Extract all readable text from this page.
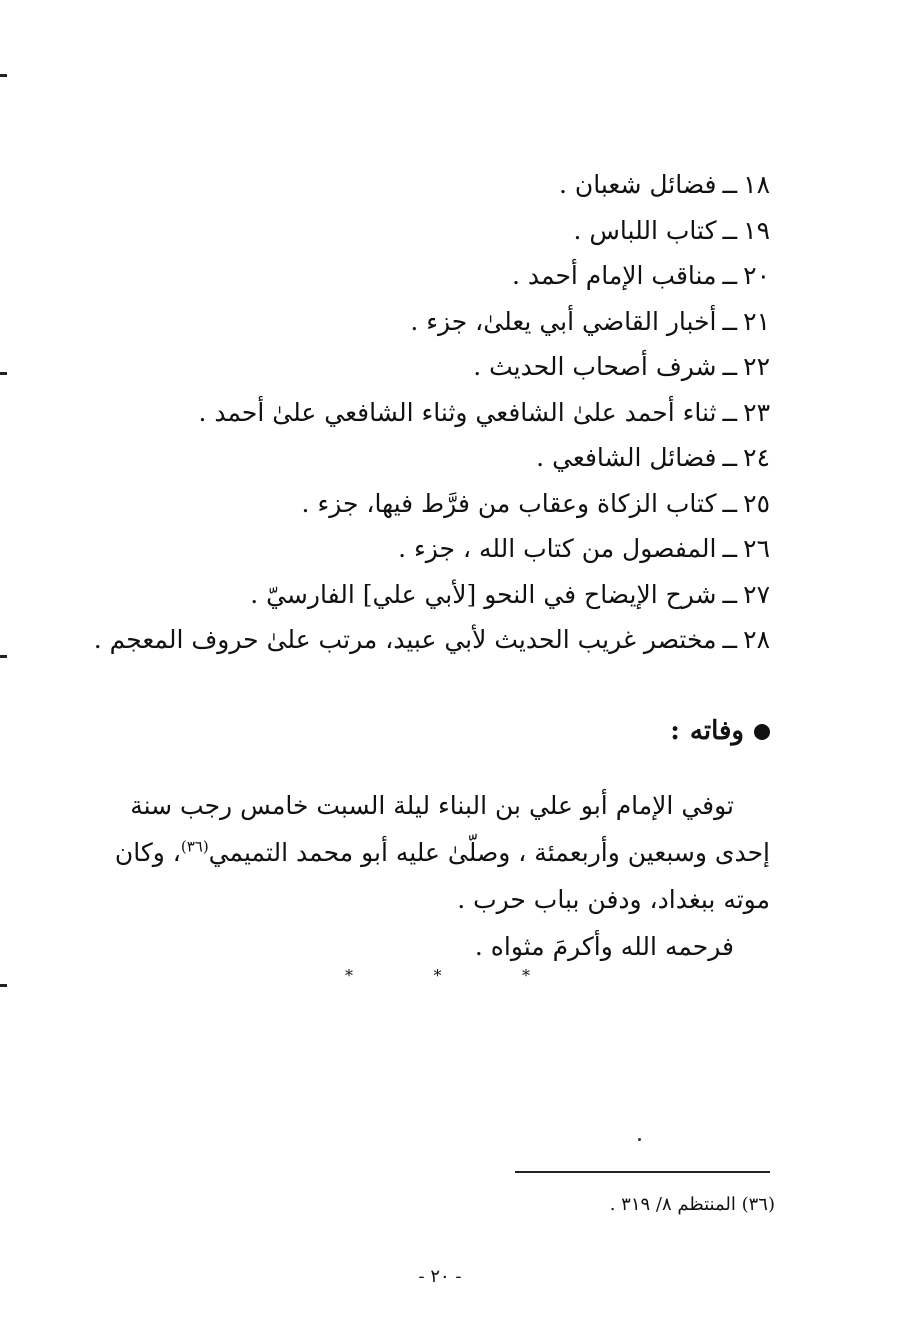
١٨ــفضائل شعبان .
١٩ــكتاب اللباس .
٢٠ــمناقب الإمام أحمد .
٢١ــأخبار القاضي أبي يعلىٰ، جزء .
٢٢ــشرف أصحاب الحديث .
٢٣ــثناء أحمد علىٰ الشافعي وثناء الشافعي علىٰ أحمد .
٢٤ــفضائل الشافعي .
٢٥ــكتاب الزكاة وعقاب من فرَّط فيها، جزء .
٢٦ــالمفصول من كتاب الله ، جزء .
٢٧ــشرح الإيضاح في النحو [لأبي علي] الفارسيّ .
٢٨ــمختصر غريب الحديث لأبي عبيد، مرتب علىٰ حروف المعجم .
وفاته:
توفي الإمام أبو علي بن البناء ليلة السبت خامس رجب سنة
إحدى وسبعين وأربعمئة ، وصلّىٰ عليه أبو محمد التميمي$^{(٣٦)}$، وكان
موته ببغداد، ودفن بباب حرب .
فرحمه الله وأكرمَ مثواه .
*	*	*
(٣٦) المنتظم ٨/ ٣١٩ .
- ٢٠ -
